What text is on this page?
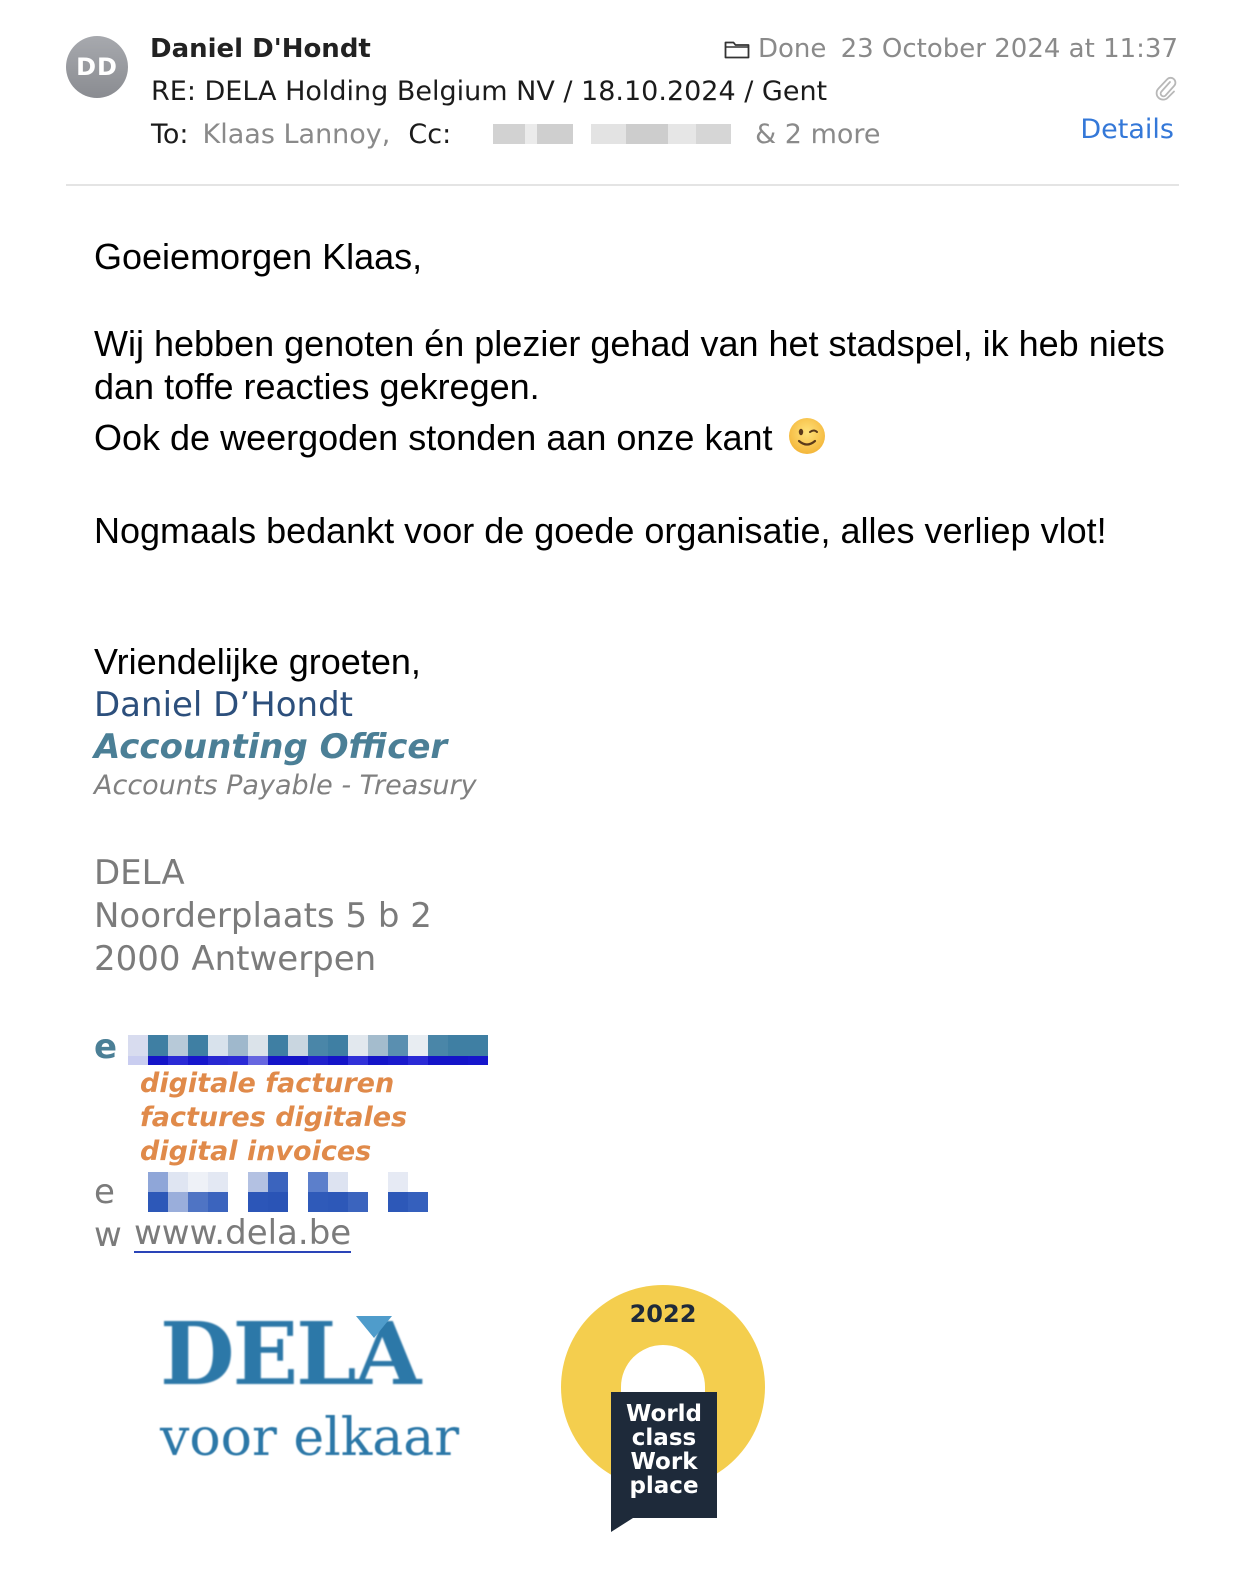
DD
Daniel D'Hondt
RE: DELA Holding Belgium NV / 18.10.2024 / Gent
To: Klaas Lannoy, Cc:	& 2 more
Done 23 October 2024 at 11:37
Details
Goeiemorgen Klaas,
Wij hebben genoten én plezier gehad van het stadspel, ik heb niets dan toffe reacties gekregen.
Ook de weergoden stonden aan onze kant
Nogmaals bedankt voor de goede organisatie, alles verliep vlot!
Vriendelijke groeten,
Daniel D’Hondt
Accounting Officer
Accounts Payable - Treasury
DELA
Noorderplaats 5 b 2
2000 Antwerpen
e
digitale facturen
factures digitales
digital invoices
e
w www.dela.be
DELA
voor elkaar
2022
World
class
Work
place
